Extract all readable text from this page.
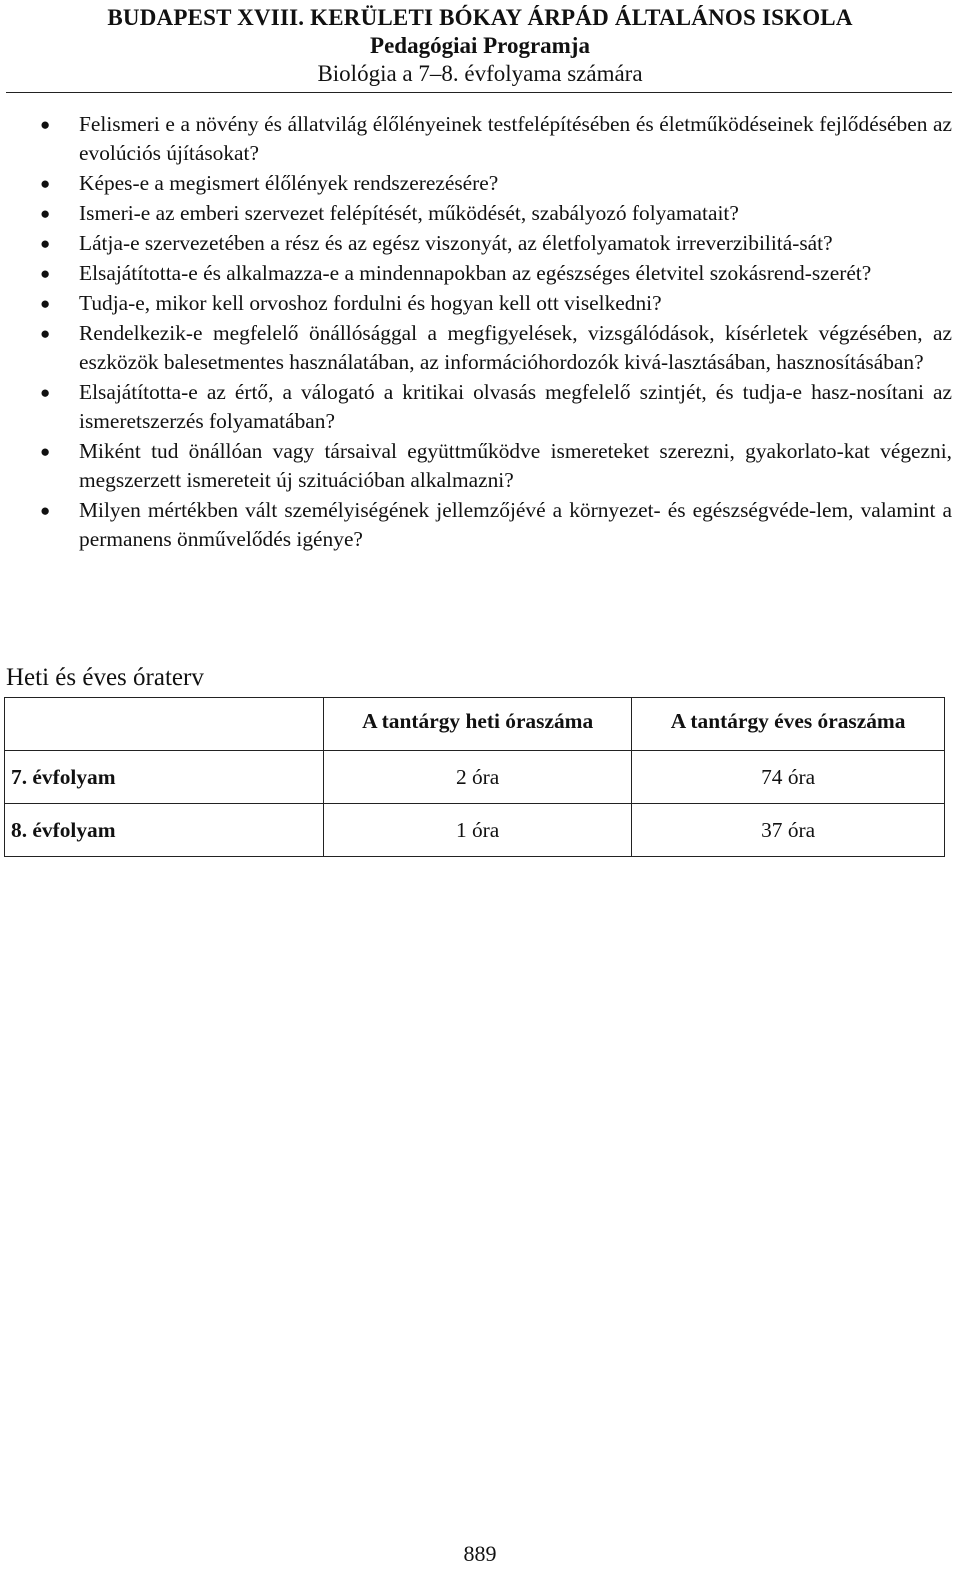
BUDAPEST XVIII. KERÜLETI BÓKAY ÁRPÁD ÁLTALÁNOS ISKOLA
Pedagógiai Programja
Biológia a 7–8. évfolyama számára
● Felismeri e a növény és állatvilág élőlényeinek testfelépítésében és életműködéseinek fejlődésében az evolúciós újításokat?
● Képes-e a megismert élőlények rendszerezésére?
● Ismeri-e az emberi szervezet felépítését, működését, szabályozó folyamatait?
● Látja-e szervezetében a rész és az egész viszonyát, az életfolyamatok irreverzibilitá-sát?
● Elsajátította-e és alkalmazza-e a mindennapokban az egészséges életvitel szokásrend-szerét?
● Tudja-e, mikor kell orvoshoz fordulni és hogyan kell ott viselkedni?
● Rendelkezik-e megfelelő önállósággal a megfigyelések, vizsgálódások, kísérletek végzésében, az eszközök balesetmentes használatában, az információhordozók kivá-lasztásában, hasznosításában?
● Elsajátította-e az értő, a válogató a kritikai olvasás megfelelő szintjét, és tudja-e hasz-nosítani az ismeretszerzés folyamatában?
● Miként tud önállóan vagy társaival együttműködve ismereteket szerezni, gyakorlato-kat végezni, megszerzett ismereteit új szituációban alkalmazni?
● Milyen mértékben vált személyiségének jellemzőjévé a környezet- és egészségvéde-lem, valamint a permanens önművelődés igénye?
Heti és éves óraterv
	A tantárgy heti óraszáma	A tantárgy éves óraszáma
7. évfolyam	2 óra	74 óra
8. évfolyam	1 óra	37 óra
889
